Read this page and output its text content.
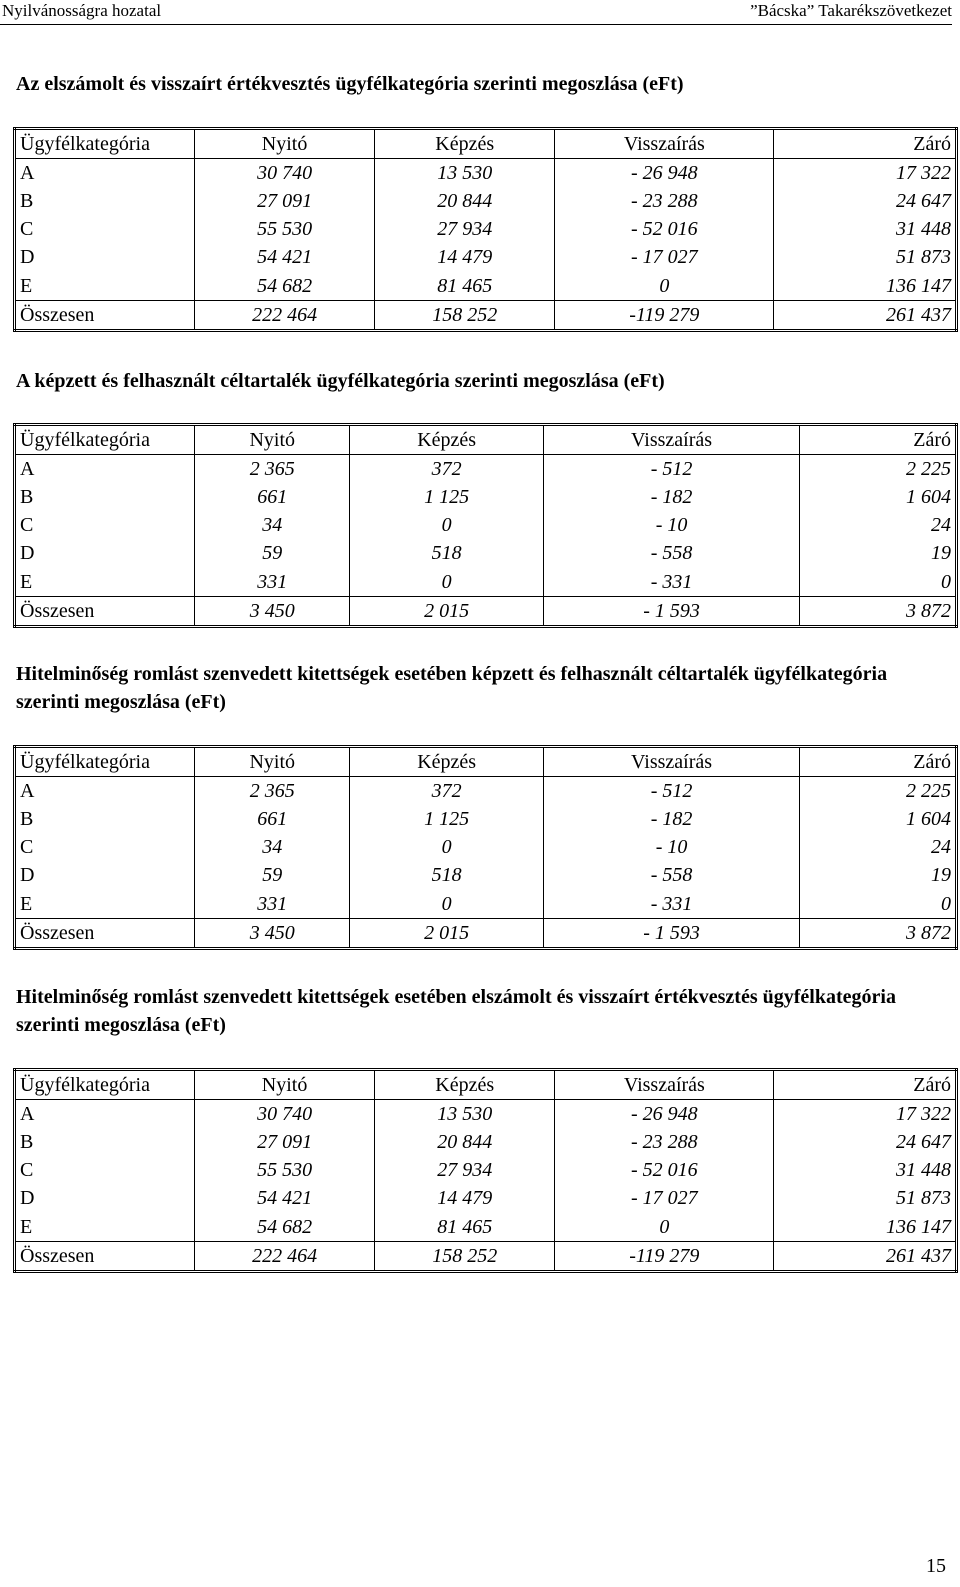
Nyilvánosságra hozatal	”Bácska” Takarékszövetkezet
Az elszámolt és visszaírt értékvesztés ügyfélkategória szerinti megoszlása (eFt)
Ügyfélkategória	Nyitó	Képzés	Visszaírás	Záró
A	30 740	13 530	- 26 948	17 322
B	27 091	20 844	- 23 288	24 647
C	55 530	27 934	- 52 016	31 448
D	54 421	14 479	- 17 027	51 873
E	54 682	81 465	0	136 147
Összesen	222 464	158 252	-119 279	261 437
A képzett és felhasznált céltartalék ügyfélkategória szerinti megoszlása (eFt)
Ügyfélkategória	Nyitó	Képzés	Visszaírás	Záró
A	2 365	372	- 512	2 225
B	661	1 125	- 182	1 604
C	34	0	- 10	24
D	59	518	- 558	19
E	331	0	- 331	0
Összesen	3 450	2 015	- 1 593	3 872
Hitelminőség romlást szenvedett kitettségek esetében képzett és felhasznált céltartalék ügyfélkategória szerinti megoszlása (eFt)
Ügyfélkategória	Nyitó	Képzés	Visszaírás	Záró
A	2 365	372	- 512	2 225
B	661	1 125	- 182	1 604
C	34	0	- 10	24
D	59	518	- 558	19
E	331	0	- 331	0
Összesen	3 450	2 015	- 1 593	3 872
Hitelminőség romlást szenvedett kitettségek esetében elszámolt és visszaírt értékvesztés ügyfélkategória szerinti megoszlása (eFt)
Ügyfélkategória	Nyitó	Képzés	Visszaírás	Záró
A	30 740	13 530	- 26 948	17 322
B	27 091	20 844	- 23 288	24 647
C	55 530	27 934	- 52 016	31 448
D	54 421	14 479	- 17 027	51 873
E	54 682	81 465	0	136 147
Összesen	222 464	158 252	-119 279	261 437
15
